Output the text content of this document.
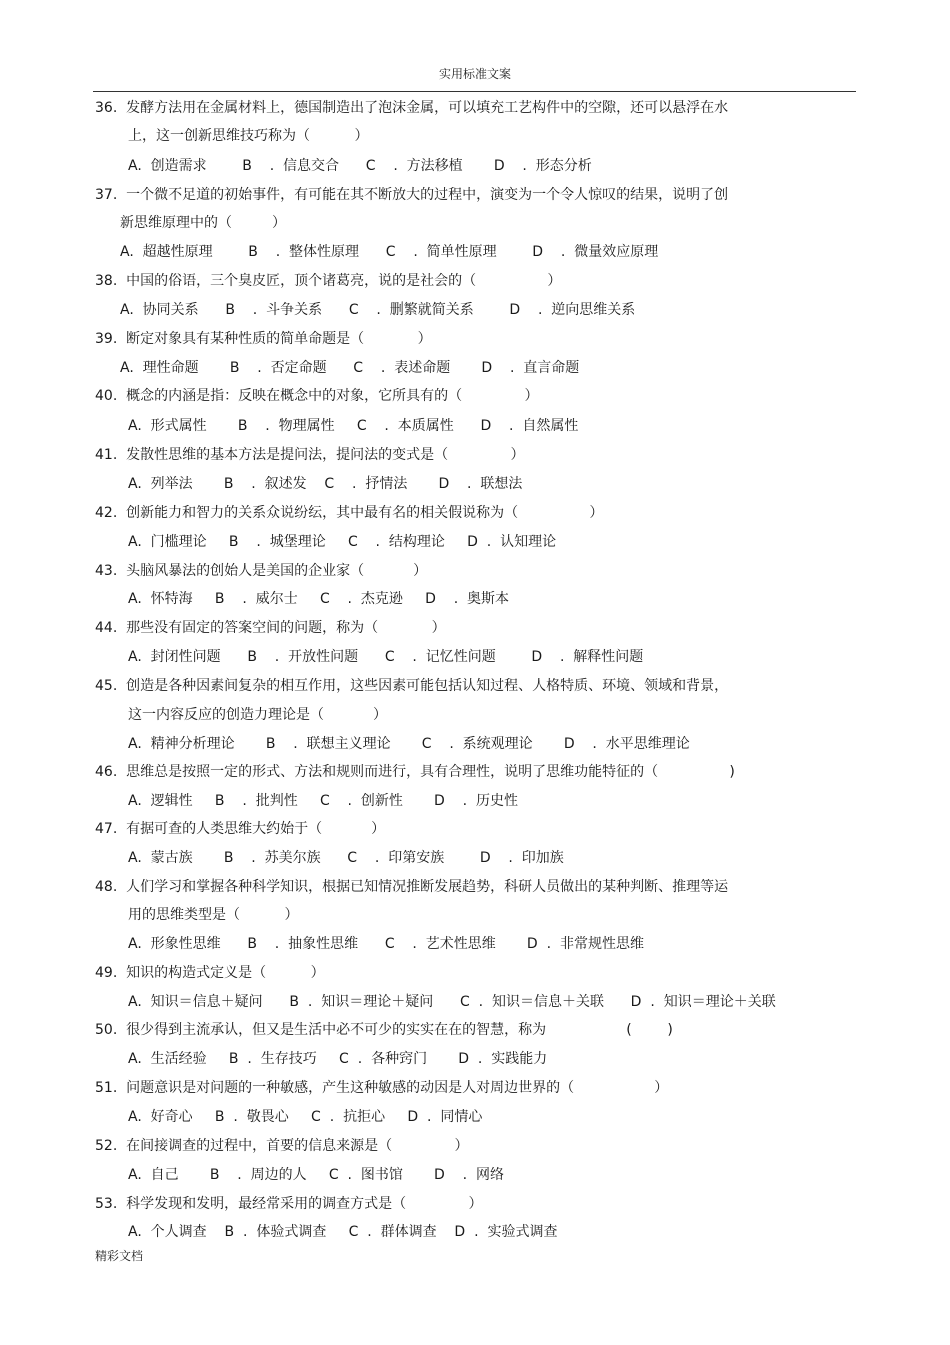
实用标准文案
36.  发酵方法用在金属材料上，德国制造出了泡沫金属，可以填充工艺构件中的空隙，还可以悬浮在水
上，这一创新思维技巧称为（          ）
A.  创造需求        B    .  信息交合      C    .  方法移植       D    .  形态分析
37.  一个微不足道的初始事件，有可能在其不断放大的过程中，演变为一个令人惊叹的结果，说明了创
新思维原理中的（         ）
A.  超越性原理        B    .  整体性原理      C    .  简单性原理        D    .  微量效应原理
38.  中国的俗语，三个臭皮匠，顶个诸葛亮，说的是社会的（                ）
A.  协同关系      B    .  斗争关系      C    .  删繁就简关系        D    .  逆向思维关系
39.  断定对象具有某种性质的简单命题是（            ）
A.  理性命题       B    .  否定命题      C    .  表述命题       D    .  直言命题
40.  概念的内涵是指：反映在概念中的对象，它所具有的（              ）
A.  形式属性       B    .  物理属性     C    .  本质属性      D    .  自然属性
41.  发散性思维的基本方法是提问法，提问法的变式是（              ）
A.  列举法       B    .  叙述发    C    .  抒情法       D    .  联想法
42.  创新能力和智力的关系众说纷纭，其中最有名的相关假说称为（                ）
A.  门槛理论     B    .  城堡理论     C    .  结构理论     D  .  认知理论
43.  头脑风暴法的创始人是美国的企业家（           ）
A.  怀特海     B    .  威尔士     C    .  杰克逊     D    .  奥斯本
44.  那些没有固定的答案空间的问题，称为（            ）
A.  封闭性问题      B    .  开放性问题      C    .  记忆性问题        D    .  解释性问题
45.  创造是各种因素间复杂的相互作用，这些因素可能包括认知过程、人格特质、环境、领域和背景，
这一内容反应的创造力理论是（           ）
A.  精神分析理论       B    .  联想主义理论       C    .  系统观理论       D    .  水平思维理论
46.  思维总是按照一定的形式、方法和规则而进行，具有合理性，说明了思维功能特征的（                )
A.  逻辑性     B    .  批判性     C    .  创新性       D    .  历史性
47.  有据可查的人类思维大约始于（           ）
A.  蒙古族       B    .  苏美尔族      C    .  印第安族        D    .  印加族
48.  人们学习和掌握各种科学知识，根据已知情况推断发展趋势，科研人员做出的某种判断、推理等运
用的思维类型是（          ）
A.  形象性思维      B    .  抽象性思维      C    .  艺术性思维       D  .  非常规性思维
49.  知识的构造式定义是（          ）
A.  知识＝信息＋疑问      B  .  知识＝理论＋疑问      C  .  知识＝信息＋关联      D  .  知识＝理论＋关联
50.  很少得到主流承认，但又是生活中必不可少的实实在在的智慧，称为                  (        )
A.  生活经验     B  .  生存技巧     C  .  各种窍门       D  .  实践能力
51.  问题意识是对问题的一种敏感，产生这种敏感的动因是人对周边世界的（                  ）
A.  好奇心     B  .  敬畏心     C  .  抗拒心     D  .  同情心
52.  在间接调查的过程中，首要的信息来源是（              ）
A.  自己       B    .  周边的人     C  .  图书馆       D    .  网络
53.  科学发现和发明，最经常采用的调查方式是（              ）
A.  个人调查    B  .  体验式调查     C  .  群体调查    D  .  实验式调查
精彩文档
